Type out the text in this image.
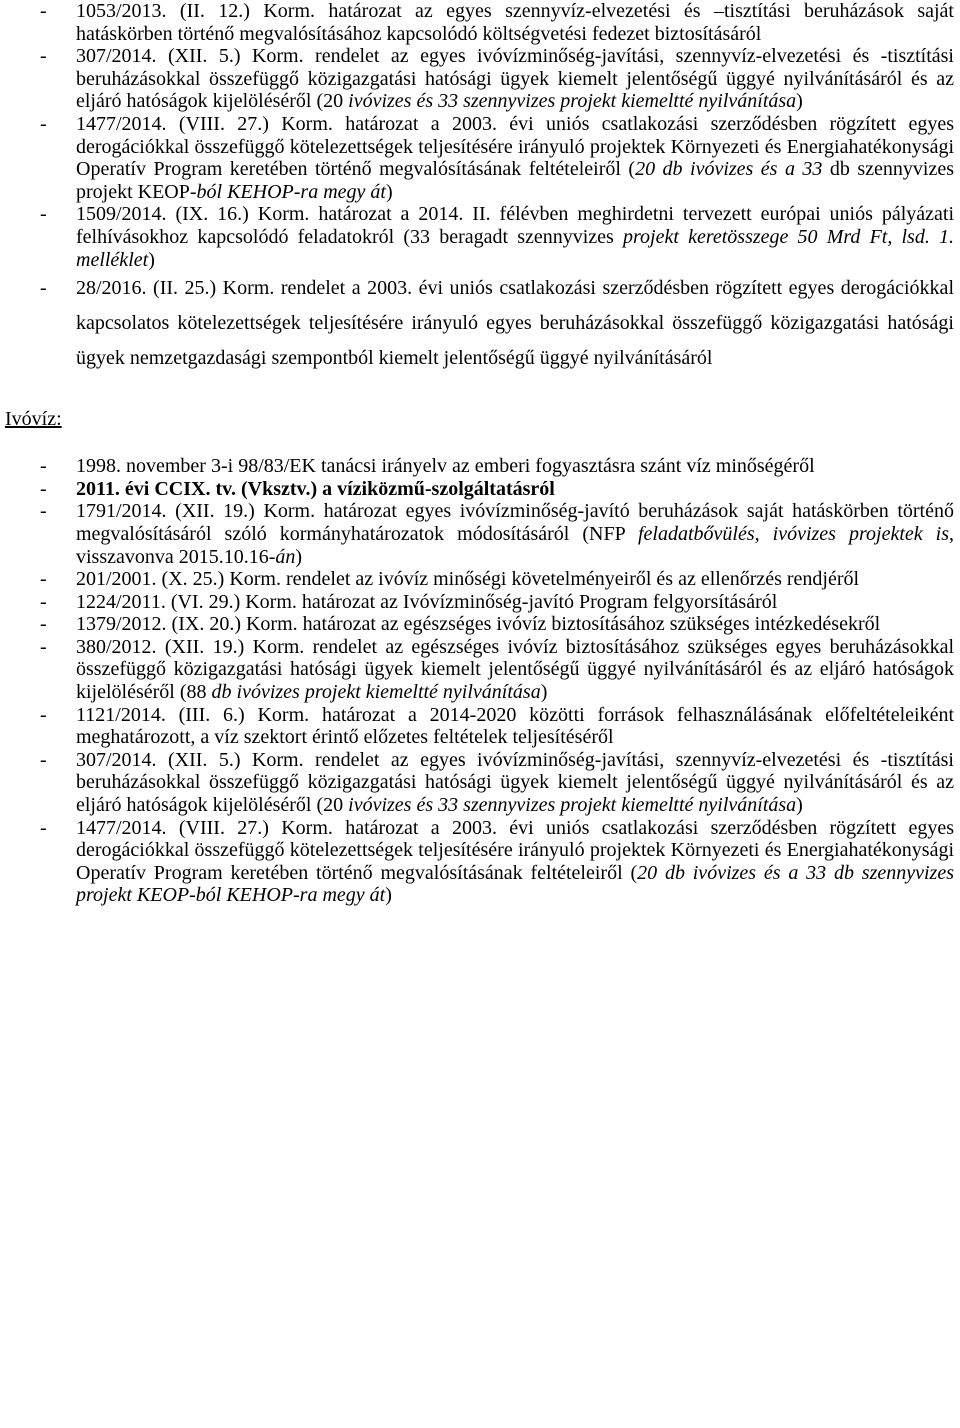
- 1053/2013. (II. 12.) Korm. határozat az egyes szennyvíz-elvezetési és –tisztítási beruházások saját hatáskörben történő megvalósításához kapcsolódó költségvetési fedezet biztosításáról
- 307/2014. (XII. 5.) Korm. rendelet az egyes ivóvízminőség-javítási, szennyvíz-elvezetési és -tisztítási beruházásokkal összefüggő közigazgatási hatósági ügyek kiemelt jelentőségű üggyé nyilvánításáról és az eljáró hatóságok kijelöléséről (20 ivóvizes és 33 szennyvizes projekt kiemeltté nyilvánítása)
- 1477/2014. (VIII. 27.) Korm. határozat a 2003. évi uniós csatlakozási szerződésben rögzített egyes derogációkkal összefüggő kötelezettségek teljesítésére irányuló projektek Környezeti és Energiahatékonysági Operatív Program keretében történő megvalósításának feltételeiről (20 db ivóvizes és a 33 db szennyvizes projekt KEOP-ból KEHOP-ra megy át)
- 1509/2014. (IX. 16.) Korm. határozat a 2014. II. félévben meghirdetni tervezett európai uniós pályázati felhívásokhoz kapcsolódó feladatokról (33 beragadt szennyvizes projekt keretösszege 50 Mrd Ft, lsd. 1. melléklet)
- 28/2016. (II. 25.) Korm. rendelet a 2003. évi uniós csatlakozási szerződésben rögzített egyes derogációkkal kapcsolatos kötelezettségek teljesítésére irányuló egyes beruházásokkal összefüggő közigazgatási hatósági ügyek nemzetgazdasági szempontból kiemelt jelentőségű üggyé nyilvánításáról
Ivóvíz:
- 1998. november 3-i 98/83/EK tanácsi irányelv az emberi fogyasztásra szánt víz minőségéről
- 2011. évi CCIX. tv. (Vksztv.) a víziközmű-szolgáltatásról
- 1791/2014. (XII. 19.) Korm. határozat egyes ivóvízminőség-javító beruházások saját hatáskörben történő megvalósításáról szóló kormányhatározatok módosításáról (NFP feladatbővülés, ivóvizes projektek is, visszavonva 2015.10.16-án)
- 201/2001. (X. 25.) Korm. rendelet az ivóvíz minőségi követelményeiről és az ellenőrzés rendjéről
- 1224/2011. (VI. 29.) Korm. határozat az Ivóvízminőség-javító Program felgyorsításáról
- 1379/2012. (IX. 20.) Korm. határozat az egészséges ivóvíz biztosításához szükséges intézkedésekről
- 380/2012. (XII. 19.) Korm. rendelet az egészséges ivóvíz biztosításához szükséges egyes beruházásokkal összefüggő közigazgatási hatósági ügyek kiemelt jelentőségű üggyé nyilvánításáról és az eljáró hatóságok kijelöléséről (88 db ivóvizes projekt kiemeltté nyilvánítása)
- 1121/2014. (III. 6.) Korm. határozat a 2014-2020 közötti források felhasználásának előfeltételeiként meghatározott, a víz szektort érintő előzetes feltételek teljesítéséről
- 307/2014. (XII. 5.) Korm. rendelet az egyes ivóvízminőség-javítási, szennyvíz-elvezetési és -tisztítási beruházásokkal összefüggő közigazgatási hatósági ügyek kiemelt jelentőségű üggyé nyilvánításáról és az eljáró hatóságok kijelöléséről (20 ivóvizes és 33 szennyvizes projekt kiemeltté nyilvánítása)
- 1477/2014. (VIII. 27.) Korm. határozat a 2003. évi uniós csatlakozási szerződésben rögzített egyes derogációkkal összefüggő kötelezettségek teljesítésére irányuló projektek Környezeti és Energiahatékonysági Operatív Program keretében történő megvalósításának feltételeiről (20 db ivóvizes és a 33 db szennyvizes projekt KEOP-ból KEHOP-ra megy át)
